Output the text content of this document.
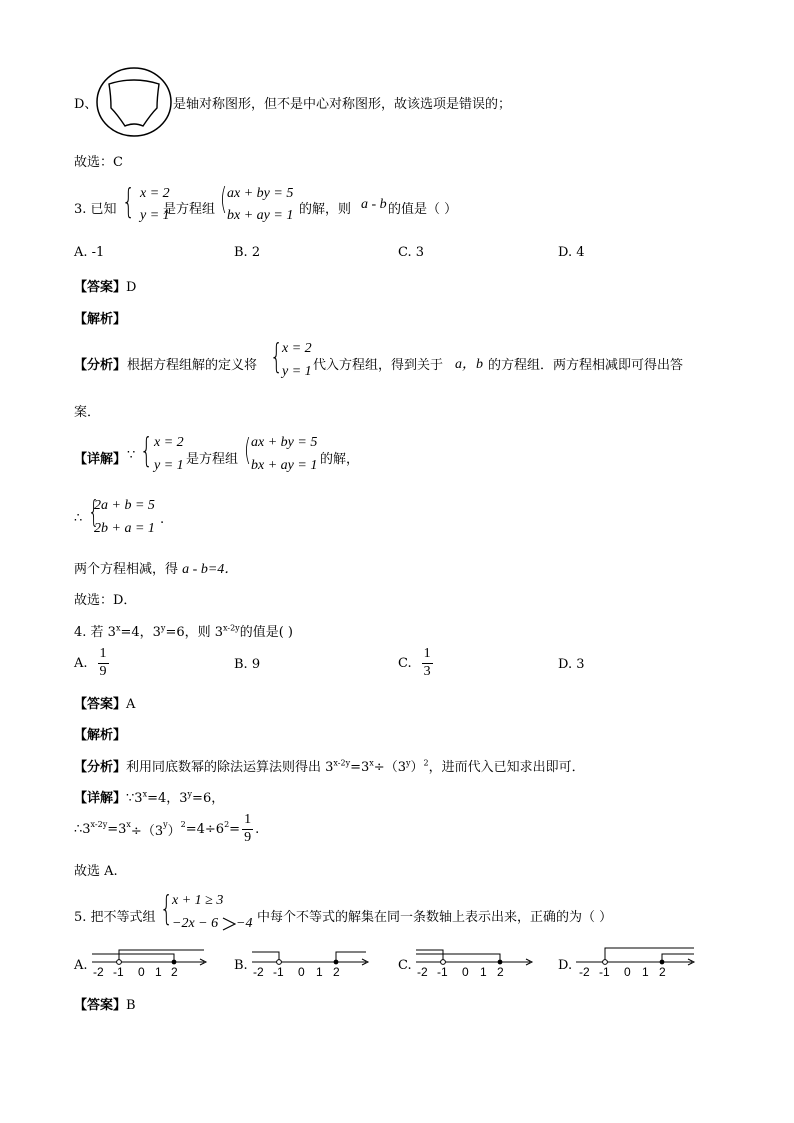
D、	是轴对称图形，但不是中心对称图形，故该选项是错误的；
故选：C
3. 已知 { x = 2
y = 1
是方程组 ( ax + by = 5
bx + ay = 1 的解，则 a - b 的值是（ ）
A. -1	B. 2	C. 3	D. 4
【答案】D
【解析】
【分析】 根据方程组解的定义将 { x = 2
y = 1 代入方程组，得到关于 a，b 的方程组．两方程相减即可得出答
案．
【详解】 ∵ { x = 2
y = 1 是方程组 ( ax + by = 5
bx + ay = 1 的解，
∴ {
2a + b = 5
2b + a = 1
.
两个方程相减，得 a - b=4．
故选：D．
4. 若 $3^x=4$，$3^y=6$，则 $3^{x-2y}$的值是( )
A. $\frac{1}{9}$	B. 9	C. $\frac{1}{3}$	D. 3
【答案】A
【解析】
【分析】利用同底数幂的除法运算法则得出 $3^{x-2y}=3^x\div(3^y)^2$，进而代入已知求出即可．
【详解】$\because 3^x=4$，$3^y=6$，
∴3 x-2y =3 x ÷（3 y ） 2 =4÷6 $2 = \frac{1}{9}$ .
故选 A.
5. 把不等式组 { x + 1 ≥ 3
−2x − 6 −4 中每个不等式的解集在同一条数轴上表示出来，正确的为（ ）
A. -2 -1 0 1 2	B. -2 -1 0 1 2	C. -2 -1 0 1 2	D. -2 -1 0 1 2
【答案】B
